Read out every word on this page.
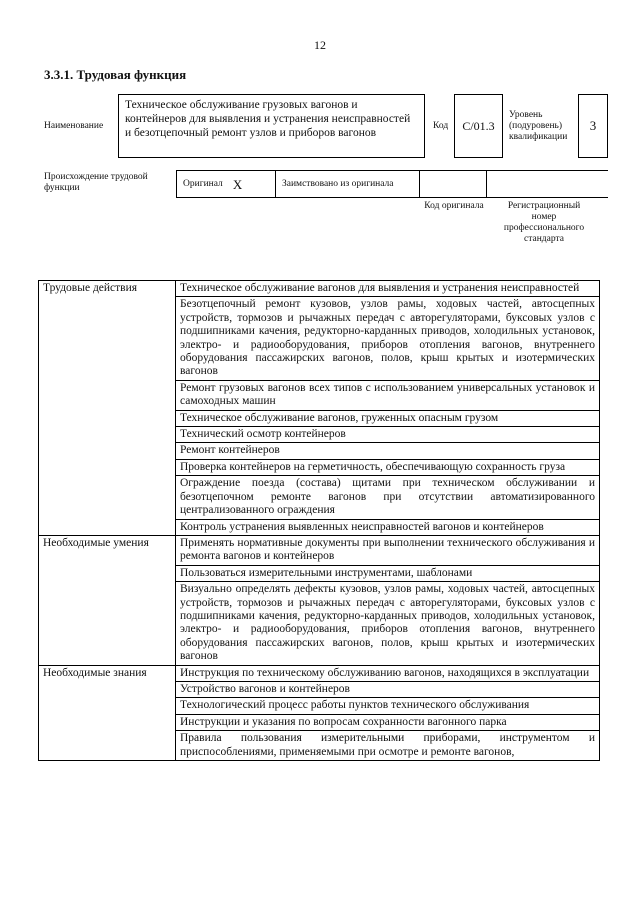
12
3.3.1. Трудовая функция
Наименование
Техническое обслуживание грузовых вагонов и контейнеров для выявления и устранения неисправностей и безотцепочный ремонт узлов и приборов вагонов
Код	С/01.3
Уровень (подуровень) квалификации
3
Происхождение трудовой функции	Оригинал X	Заимствовано из оригинала
Код оригинала	Регистрационный номер профессионального стандарта
Трудовые действия	Техническое обслуживание вагонов для выявления и устранения неисправностей
	Безотцепочный ремонт кузовов, узлов рамы, ходовых частей, автосцепных устройств, тормозов и рычажных передач с авторегуляторами, буксовых узлов с подшипниками качения, редукторно-карданных приводов, холодильных установок, электро- и радиооборудования, приборов отопления вагонов, внутреннего оборудования пассажирских вагонов, полов, крыш крытых и изотермических вагонов
	Ремонт грузовых вагонов всех типов с использованием универсальных установок и самоходных машин
	Техническое обслуживание вагонов, груженных опасным грузом
	Технический осмотр контейнеров
	Ремонт контейнеров
	Проверка контейнеров на герметичность, обеспечивающую сохранность груза
	Ограждение поезда (состава) щитами при техническом обслуживании и безотцепочном ремонте вагонов при отсутствии автоматизированного централизованного ограждения
	Контроль устранения выявленных неисправностей вагонов и контейнеров
Необходимые умения	Применять нормативные документы при выполнении технического обслуживания и ремонта вагонов и контейнеров
	Пользоваться измерительными инструментами, шаблонами
	Визуально определять дефекты кузовов, узлов рамы, ходовых частей, автосцепных устройств, тормозов и рычажных передач с авторегуляторами, буксовых узлов с подшипниками качения, редукторно-карданных приводов, холодильных установок, электро- и радиооборудования, приборов отопления вагонов, внутреннего оборудования пассажирских вагонов, полов, крыш крытых и изотермических вагонов
Необходимые знания	Инструкция по техническому обслуживанию вагонов, находящихся в эксплуатации
	Устройство вагонов и контейнеров
	Технологический процесс работы пунктов технического обслуживания
	Инструкции и указания по вопросам сохранности вагонного парка
	Правила пользования измерительными приборами, инструментом и приспособлениями, применяемыми при осмотре и ремонте вагонов,
